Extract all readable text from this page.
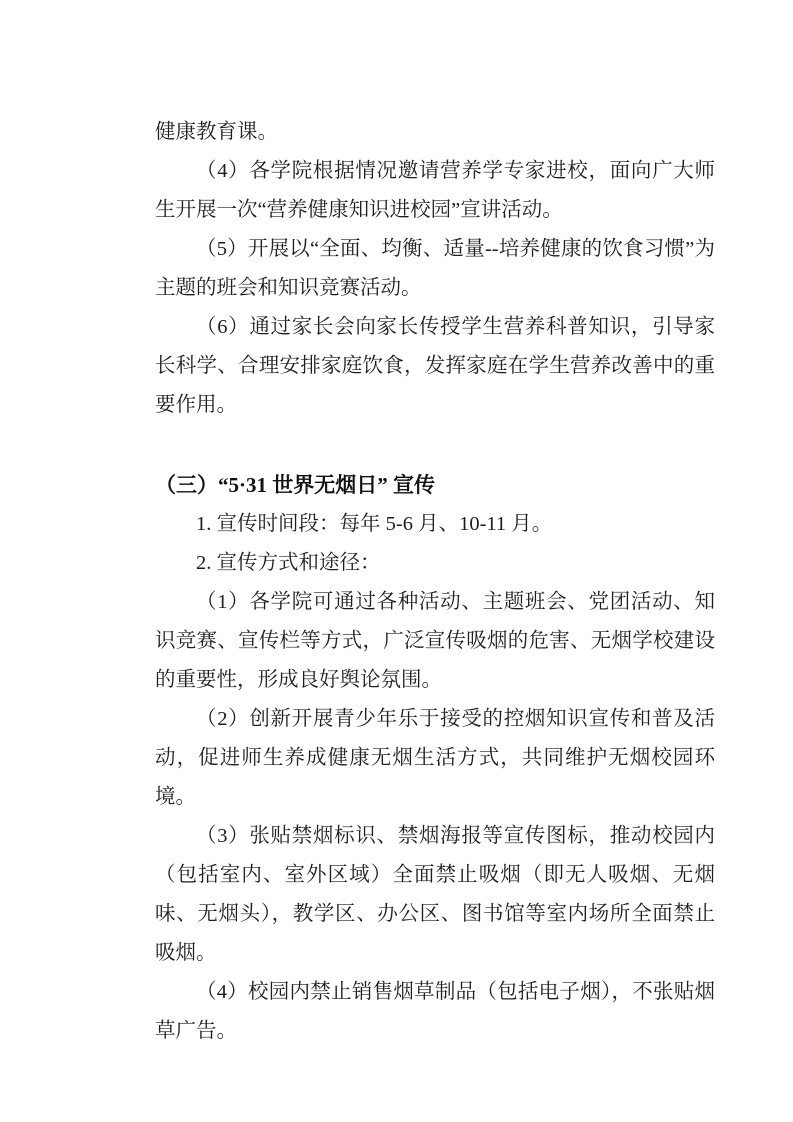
健康教育课。

（4）各学院根据情况邀请营养学专家进校，面向广大师生开展一次“营养健康知识进校园”宣讲活动。

（5）开展以“全面、均衡、适量--培养健康的饮食习惯”为主题的班会和知识竞赛活动。

（6）通过家长会向家长传授学生营养科普知识，引导家长科学、合理安排家庭饮食，发挥家庭在学生营养改善中的重要作用。

（三）“5·31 世界无烟日” 宣传

1. 宣传时间段：每年 5-6 月、10-11 月。

2. 宣传方式和途径：

（1）各学院可通过各种活动、主题班会、党团活动、知识竞赛、宣传栏等方式，广泛宣传吸烟的危害、无烟学校建设的重要性，形成良好舆论氛围。

（2）创新开展青少年乐于接受的控烟知识宣传和普及活动，促进师生养成健康无烟生活方式，共同维护无烟校园环境。

（3）张贴禁烟标识、禁烟海报等宣传图标，推动校园内（包括室内、室外区域）全面禁止吸烟（即无人吸烟、无烟味、无烟头），教学区、办公区、图书馆等室内场所全面禁止吸烟。

（4）校园内禁止销售烟草制品（包括电子烟），不张贴烟草广告。
